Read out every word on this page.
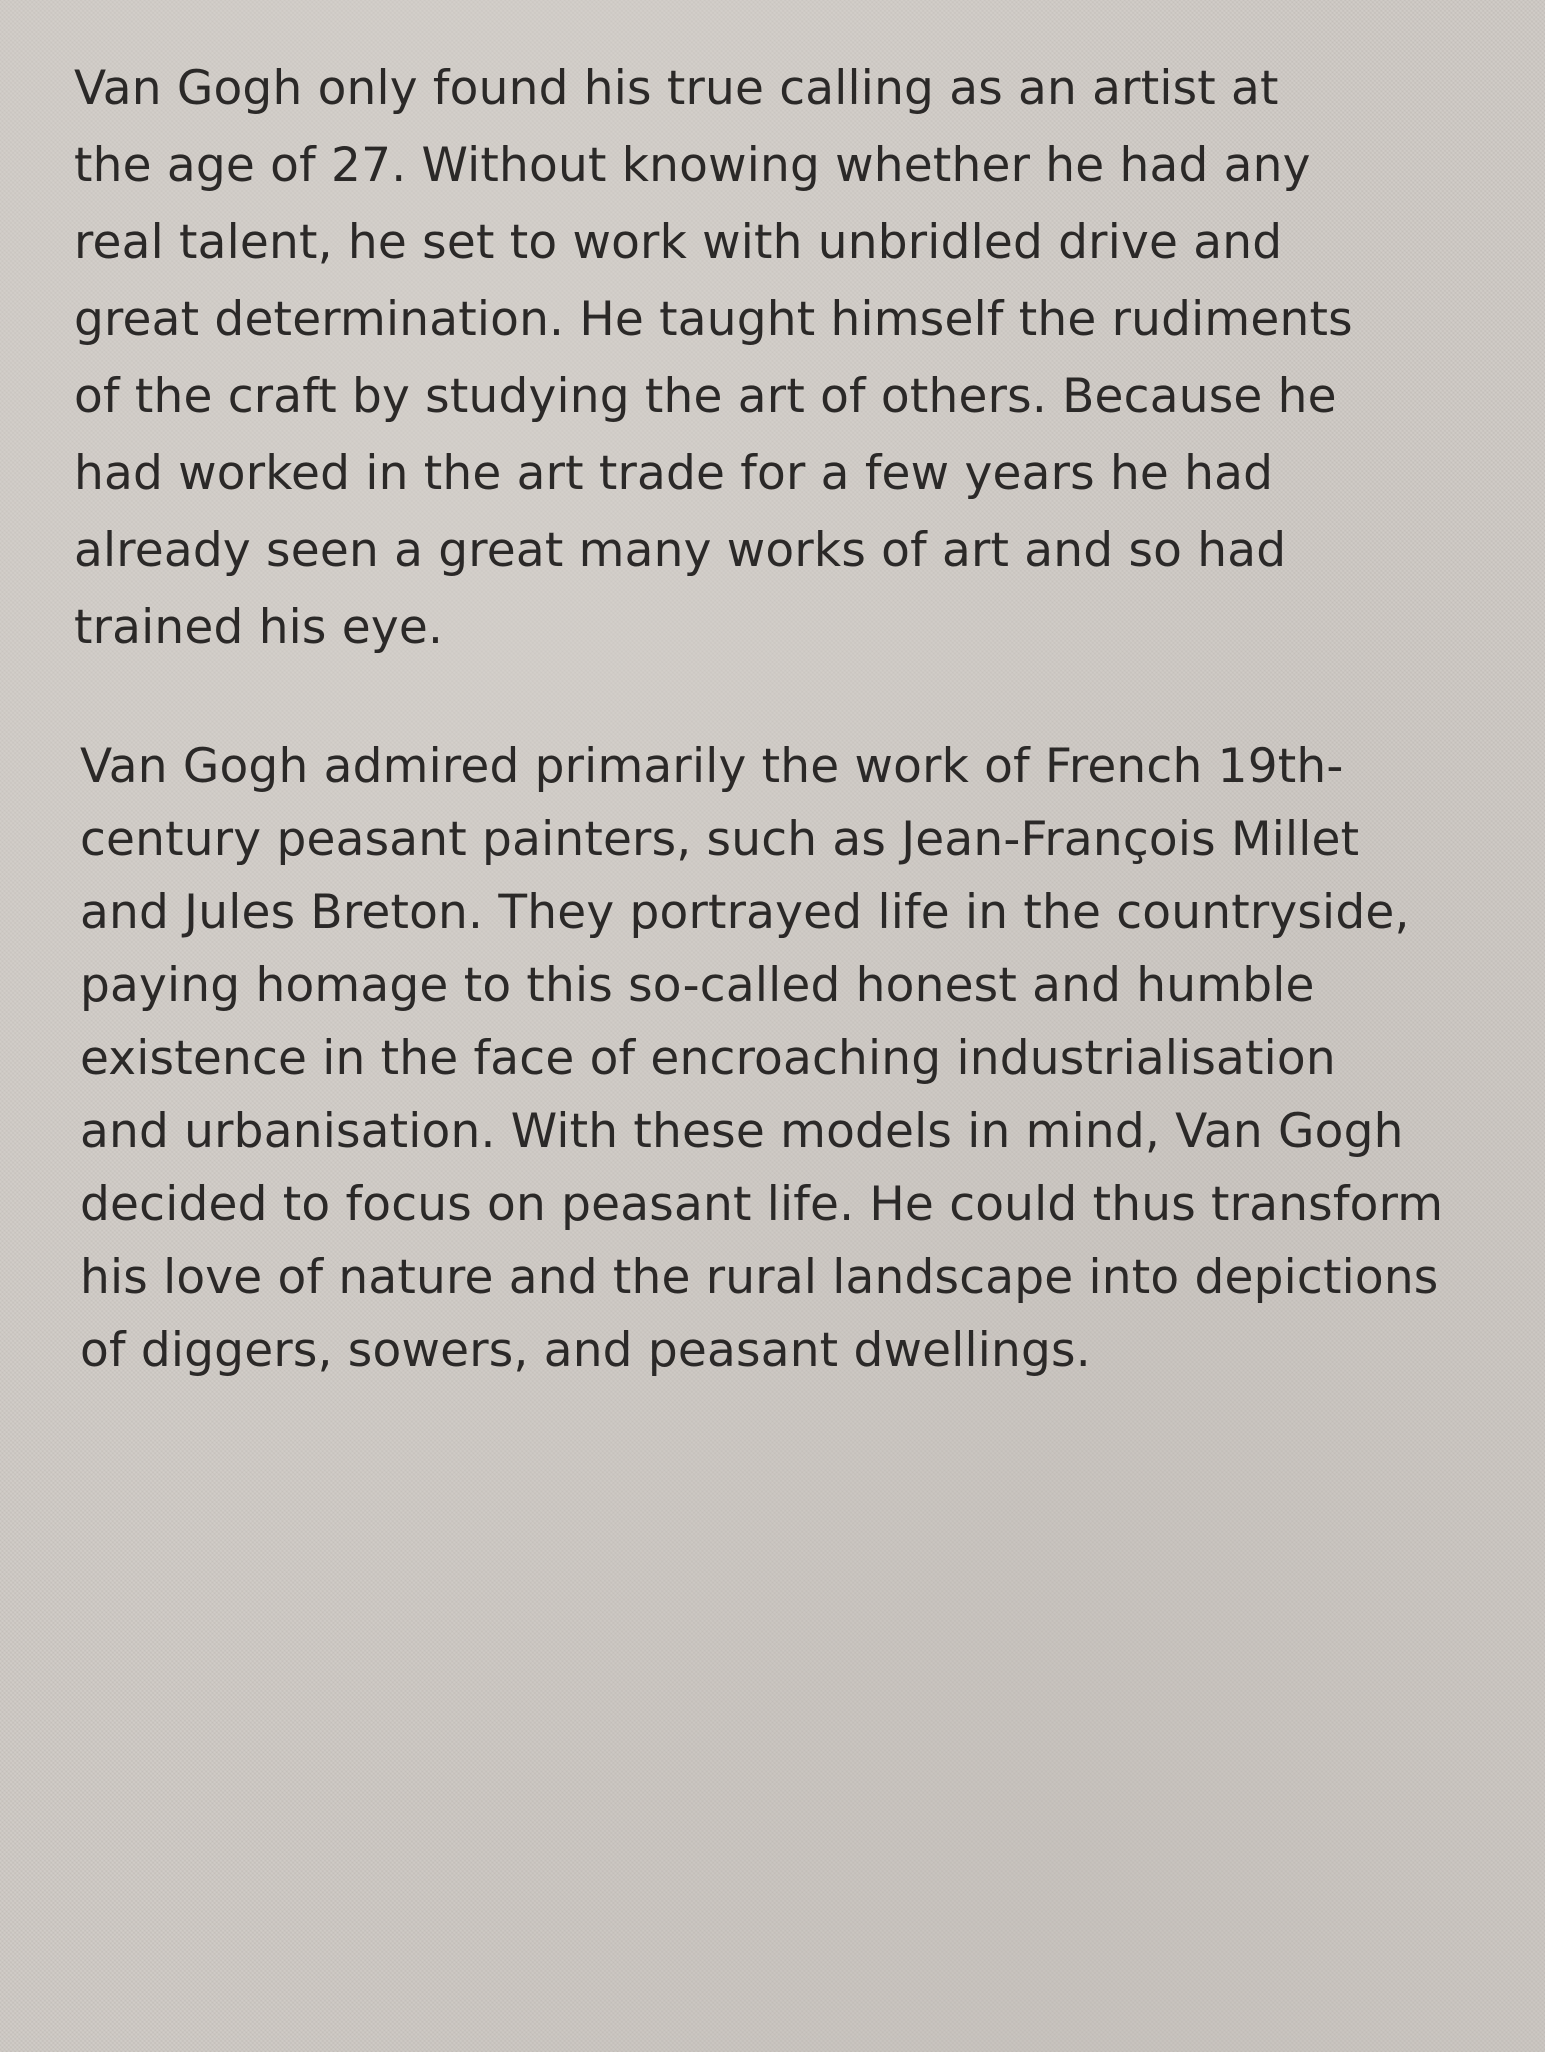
Van Gogh only found his true calling as an artist at
the age of 27. Without knowing whether he had any
real talent, he set to work with unbridled drive and
great determination. He taught himself the rudiments
of the craft by studying the art of others. Because he
had worked in the art trade for a few years he had
already seen a great many works of art and so had
trained his eye.
Van Gogh admired primarily the work of French 19th-
century peasant painters, such as Jean-François Millet
and Jules Breton. They portrayed life in the countryside,
paying homage to this so-called honest and humble
existence in the face of encroaching industrialisation
and urbanisation. With these models in mind, Van Gogh
decided to focus on peasant life. He could thus transform
his love of nature and the rural landscape into depictions
of diggers, sowers, and peasant dwellings.
